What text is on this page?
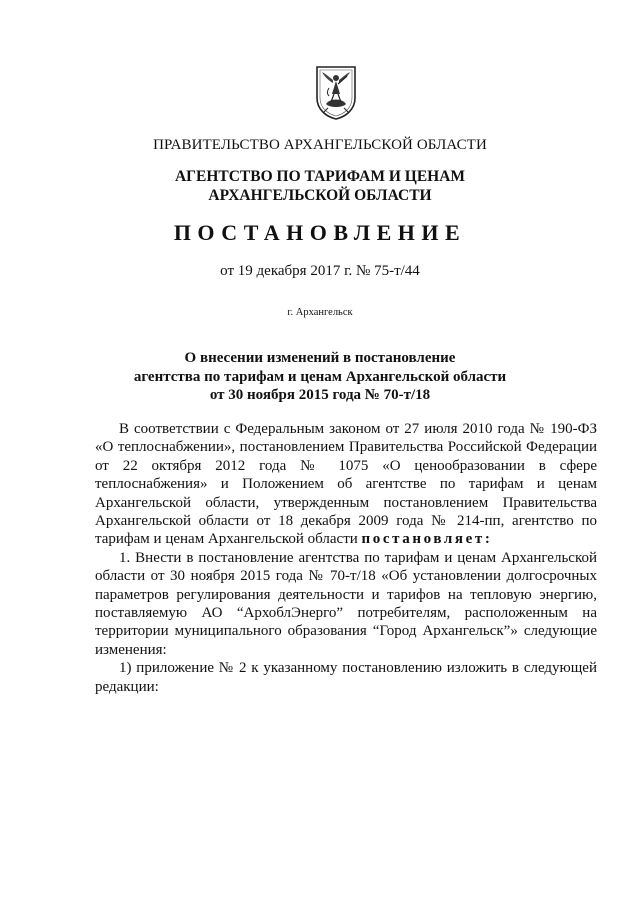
ПРАВИТЕЛЬСТВО АРХАНГЕЛЬСКОЙ ОБЛАСТИ
АГЕНТСТВО ПО ТАРИФАМ И ЦЕНАМ
АРХАНГЕЛЬСКОЙ ОБЛАСТИ
ПОСТАНОВЛЕНИЕ
от 19 декабря 2017 г. № 75-т/44
г. Архангельск
О внесении изменений в постановление
агентства по тарифам и ценам Архангельской области
от 30 ноября 2015 года № 70-т/18

В соответствии с Федеральным законом от 27 июля 2010 года № 190-ФЗ «О теплоснабжении», постановлением Правительства Российской Федерации от 22 октября 2012 года № 1075 «О ценообразовании в сфере теплоснабжения» и Положением об агентстве по тарифам и ценам Архангельской области, утвержденным постановлением Правительства Архангельской области от 18 декабря 2009 года № 214-пп, агентство по тарифам и ценам Архангельской области постановляет:

1. Внести в постановление агентства по тарифам и ценам Архангельской области от 30 ноября 2015 года № 70-т/18 «Об установлении долгосрочных параметров регулирования деятельности и тарифов на тепловую энергию, поставляемую АО “АрхоблЭнерго” потребителям, расположенным на территории муниципального образования “Город Архангельск”» следующие изменения:

1) приложение № 2 к указанному постановлению изложить в следующей редакции:
